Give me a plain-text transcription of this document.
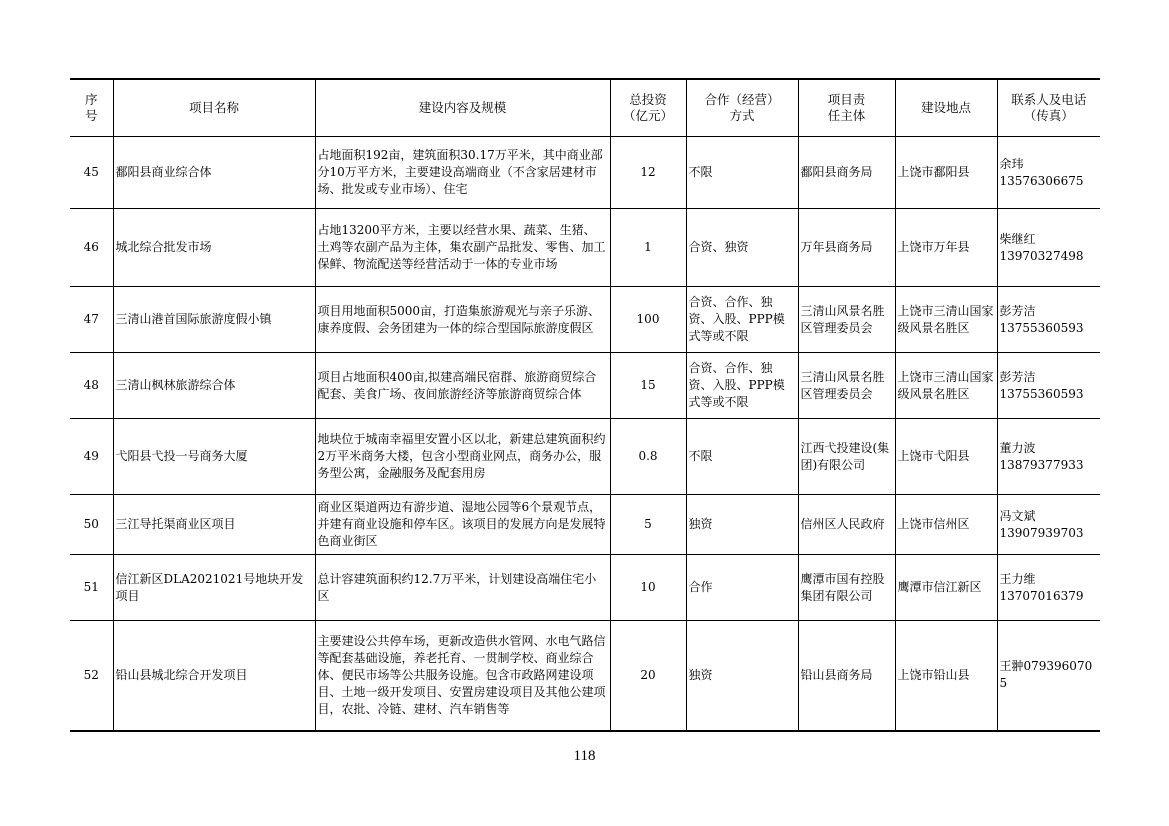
序
号	项目名称	建设内容及规模	总投资
（亿元）	合作（经营）
方式	项目责
任主体	建设地点	联系人及电话
（传真）
45	鄱阳县商业综合体	占地面积192亩，建筑面积30.17万平米，其中商业部分10万平方米，主要建设高端商业（不含家居建材市场、批发或专业市场）、住宅	12	不限	鄱阳县商务局	上饶市鄱阳县	余玮
13576306675
46	城北综合批发市场	占地13200平方米，主要以经营水果、蔬菜、生猪、土鸡等农副产品为主体，集农副产品批发、零售、加工保鲜、物流配送等经营活动于一体的专业市场	1	合资、独资	万年县商务局	上饶市万年县	柴继红
13970327498
47	三清山港首国际旅游度假小镇	项目用地面积5000亩，打造集旅游观光与亲子乐游、康养度假、会务团建为一体的综合型国际旅游度假区	100	合资、合作、独资、入股、PPP模式等或不限	三清山风景名胜区管理委员会	上饶市三清山国家级风景名胜区	彭芳洁
13755360593
48	三清山枫林旅游综合体	项目占地面积400亩,拟建高端民宿群、旅游商贸综合配套、美食广场、夜间旅游经济等旅游商贸综合体	15	合资、合作、独资、入股、PPP模式等或不限	三清山风景名胜区管理委员会	上饶市三清山国家级风景名胜区	彭芳洁
13755360593
49	弋阳县弋投一号商务大厦	地块位于城南幸福里安置小区以北，新建总建筑面积约2万平米商务大楼，包含小型商业网点，商务办公，服务型公寓，金融服务及配套用房	0.8	不限	江西弋投建设(集团)有限公司	上饶市弋阳县	董力波
13879377933
50	三江导托渠商业区项目	商业区渠道两边有游步道、湿地公园等6个景观节点，并建有商业设施和停车区。该项目的发展方向是发展特色商业街区	5	独资	信州区人民政府	上饶市信州区	冯文斌
13907939703
51	信江新区DLA2021021号地块开发项目	总计容建筑面积约12.7万平米，计划建设高端住宅小区	10	合作	鹰潭市国有控股集团有限公司	鹰潭市信江新区	王力维
13707016379
52	铅山县城北综合开发项目	主要建设公共停车场，更新改造供水管网、水电气路信等配套基础设施，养老托育、一贯制学校、商业综合体、便民市场等公共服务设施。包含市政路网建设项目、土地一级开发项目、安置房建设项目及其他公建项目，农批、冷链、建材、汽车销售等	20	独资	铅山县商务局	上饶市铅山县	王翀0793960705
118
